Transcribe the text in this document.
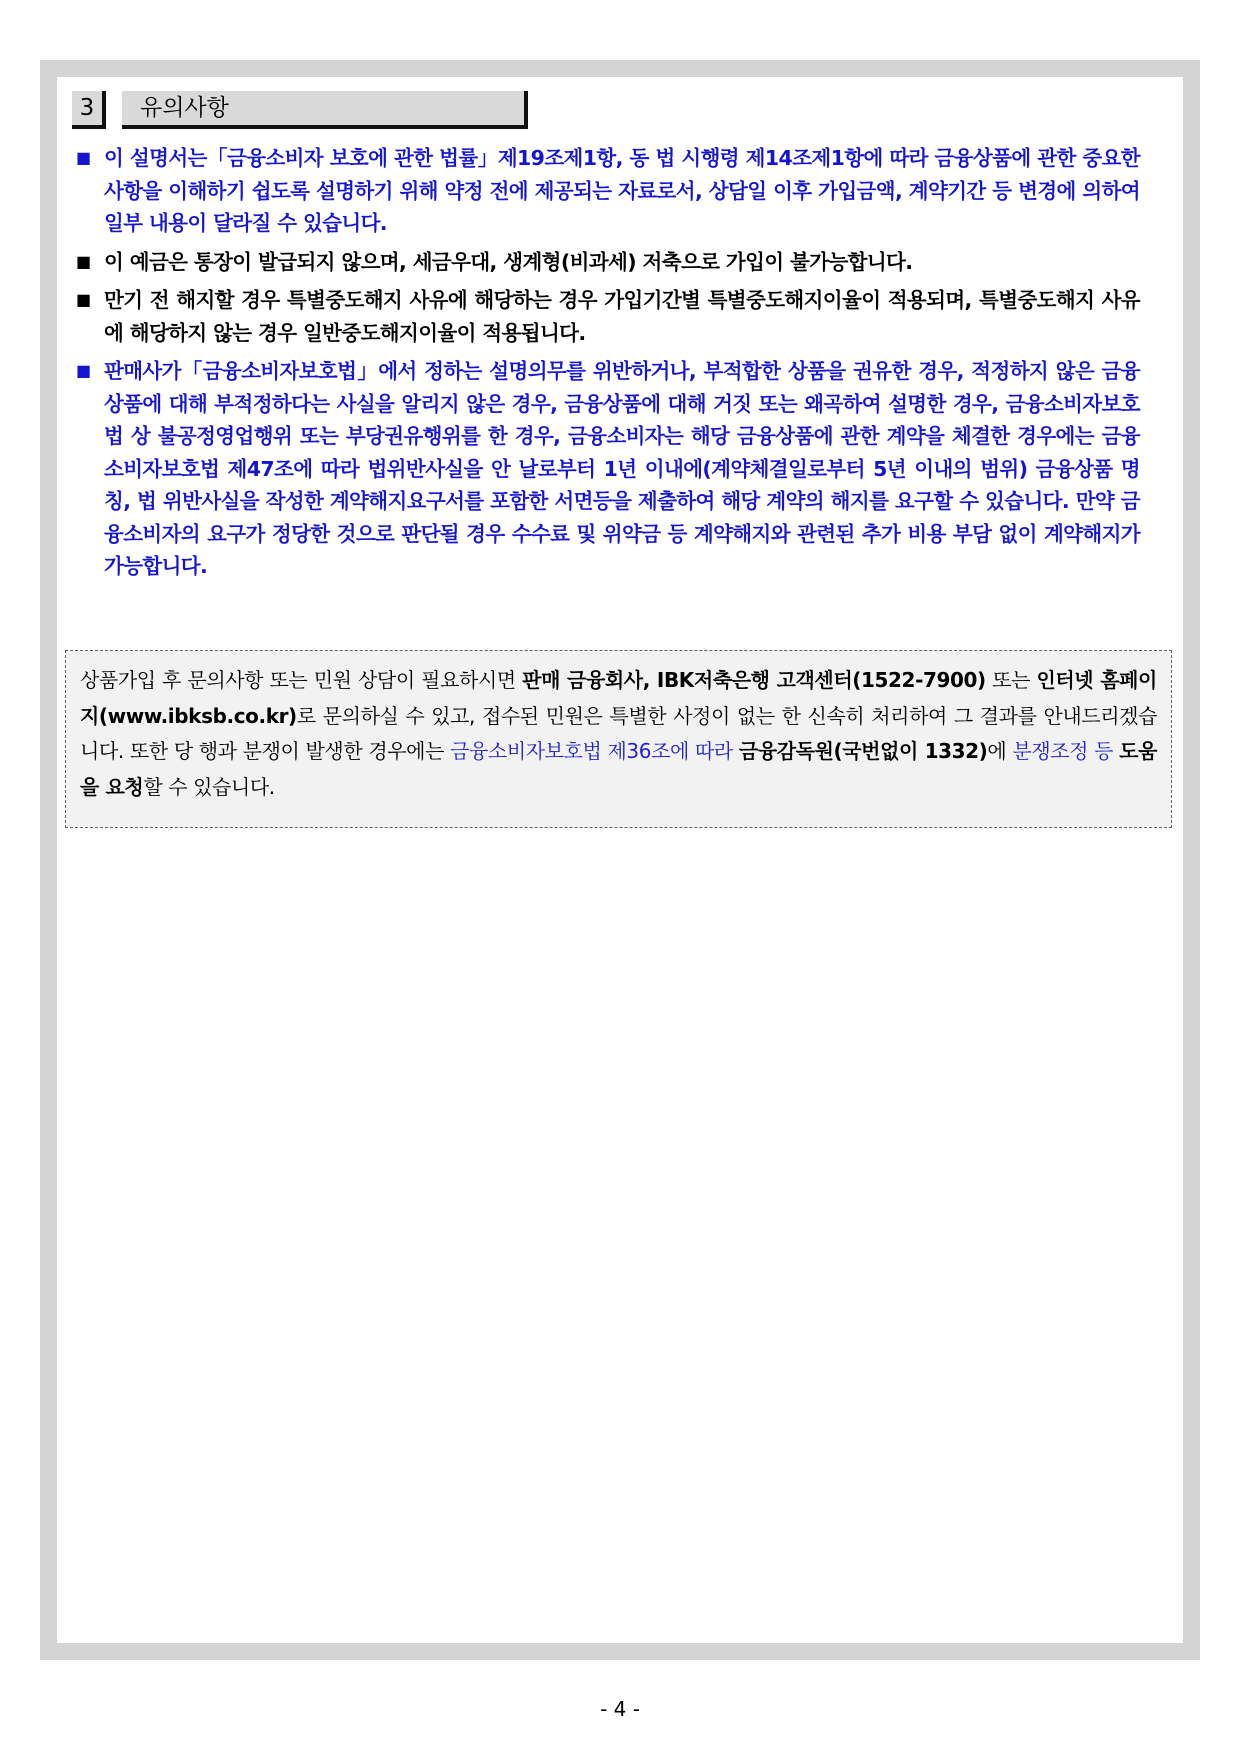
3	유의사항
■ 이 설명서는「금융소비자 보호에 관한 법률」제19조제1항, 동 법 시행령 제14조제1항에 따라 금융상품에 관한 중요한 사항을 이해하기 쉽도록 설명하기 위해 약정 전에 제공되는 자료로서, 상담일 이후 가입금액, 계약기간 등 변경에 의하여 일부 내용이 달라질 수 있습니다.
■ 이 예금은 통장이 발급되지 않으며, 세금우대, 생계형(비과세) 저축으로 가입이 불가능합니다.
■ 만기 전 해지할 경우 특별중도해지 사유에 해당하는 경우 가입기간별 특별중도해지이율이 적용되며, 특별중도해지 사유에 해당하지 않는 경우 일반중도해지이율이 적용됩니다.
■ 판매사가「금융소비자보호법」에서 정하는 설명의무를 위반하거나, 부적합한 상품을 권유한 경우, 적정하지 않은 금융상품에 대해 부적정하다는 사실을 알리지 않은 경우, 금융상품에 대해 거짓 또는 왜곡하여 설명한 경우, 금융소비자보호법 상 불공정영업행위 또는 부당권유행위를 한 경우, 금융소비자는 해당 금융상품에 관한 계약을 체결한 경우에는 금융소비자보호법 제47조에 따라 법위반사실을 안 날로부터 1년 이내에(계약체결일로부터 5년 이내의 범위) 금융상품 명칭, 법 위반사실을 작성한 계약해지요구서를 포함한 서면등을 제출하여 해당 계약의 해지를 요구할 수 있습니다. 만약 금융소비자의 요구가 정당한 것으로 판단될 경우 수수료 및 위약금 등 계약해지와 관련된 추가 비용 부담 없이 계약해지가 가능합니다.
상품가입 후 문의사항 또는 민원 상담이 필요하시면 판매 금융회사, IBK저축은행 고객센터(1522-7900) 또는 인터넷 홈페이지(www.ibksb.co.kr)로 문의하실 수 있고, 접수된 민원은 특별한 사정이 없는 한 신속히 처리하여 그 결과를 안내드리겠습니다. 또한 당 행과 분쟁이 발생한 경우에는 금융소비자보호법 제36조에 따라 금융감독원(국번없이 1332)에 분쟁조정 등 도움을 요청할 수 있습니다.
- 4 -
